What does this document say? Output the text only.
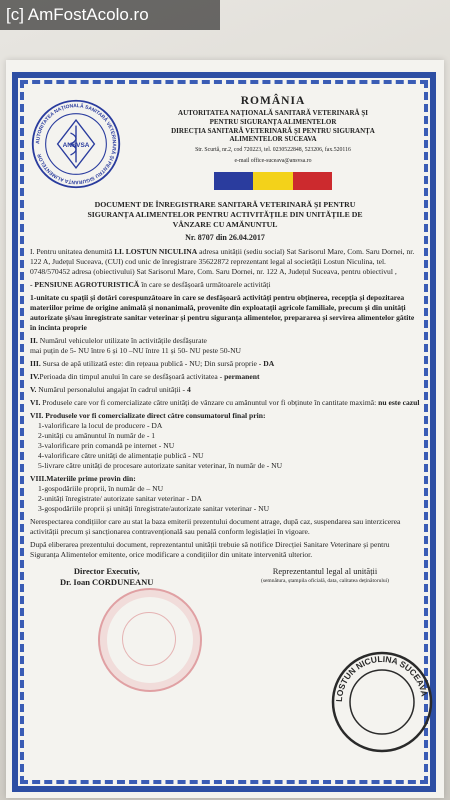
[c] AmFostAcolo.ro
ANSVSA
AUTORITATEA NAȚIONALĂ SANITARĂ VETERINARĂ ȘI PENTRU SIGURANȚA ALIMENTELOR
ROMÂNIA
AUTORITATEA NAȚIONALĂ SANITARĂ VETERINARĂ ȘI
PENTRU SIGURANȚA ALIMENTELOR
DIRECȚIA SANITARĂ VETERINARĂ ȘI PENTRU SIGURANȚA
ALIMENTELOR SUCEAVA
Str. Scurtă, nr.2, cod 720223, tel. 0230522848, 523206, fax.520116
e-mail office-suceava@ansvsa.ro
DOCUMENT DE ÎNREGISTRARE SANITARĂ VETERINARĂ ȘI PENTRU
SIGURANȚA ALIMENTELOR PENTRU ACTIVITĂȚILE DIN UNITĂȚILE DE
VÂNZARE CU AMĂNUNTUL
Nr. 8707 din 26.04.2017
I. Pentru unitatea denumită I.I. LOSTUN NICULINA adresa unității (sediu social) Sat Sarisorul Mare, Com. Saru Dornei, nr. 122 A, Județul Suceava, (CUI) cod unic de înregistrare 35622872 reprezentant legal al societății Lostun Niculina, tel. 0748/570452 adresa (obiectivului) Sat Sarisorul Mare, Com. Saru Dornei, nr. 122 A, Județul Suceava, pentru obiectivul ,
- PENSIUNE AGROTURISTICĂ în care se desfășoară următoarele activități
1-unitate cu spații și dotări corespunzătoare în care se desfășoară activități pentru obținerea, recepția și depozitarea materiilor prime de origine animală și nonanimală, provenite din exploatații agricole familiale, precum și din unități autorizate și/sau înregistrate sanitar veterinar și pentru siguranța alimentelor, prepararea și servirea alimentelor gătite în incinta proprie
II. Numărul vehiculelor utilizate în activitățile desfășurate
mai puțin de 5- NU între 6 și 10 –NU între 11 și 50- NU peste 50-NU
III. Sursa de apă utilizată este: din rețeaua publică - NU; Din sursă proprie - DA
IV.Perioada din timpul anului în care se desfășoară activitatea - permanent
V. Numărul personalului angajat în cadrul unității - 4
VI. Produsele care vor fi comercializate către unități de vânzare cu amănuntul vor fi obținute în cantitate maximă: nu este cazul
VII. Produsele vor fi comercializate direct către consumatorul final prin:
1-valorificare la locul de producere - DA
2-unități cu amănuntul în număr de - 1
3-valorificare prin comandă pe internet - NU
4-valorificare către unități de alimentație publică - NU
5-livrare către unități de procesare autorizate sanitar veterinar, în număr de - NU
VIII.Materiile prime provin din:
1-gospodăriile proprii, în număr de – NU
2-unități înregistrate/ autorizate sanitar veterinar - DA
3-gospodăriile proprii și unități înregistrate/autorizate sanitar veterinar - NU
Nerespectarea condițiilor care au stat la baza emiterii prezentului document atrage, după caz, suspendarea sau interzicerea activității precum și sancționarea contravențională sau penală conform legislației în vigoare.
După eliberarea prezentului document, reprezentantul unității trebuie să notifice Direcției Sanitare Veterinare și pentru Siguranța Alimentelor emitente, orice modificare a condițiilor din unitate intervenită ulterior.
Director Executiv,
Dr. Ioan CORDUNEANU
Reprezentantul legal al unității
(semnătura, ștampila oficială, data, calitatea deținătorului)
LOSTUN NICULINA SUCEAVA
